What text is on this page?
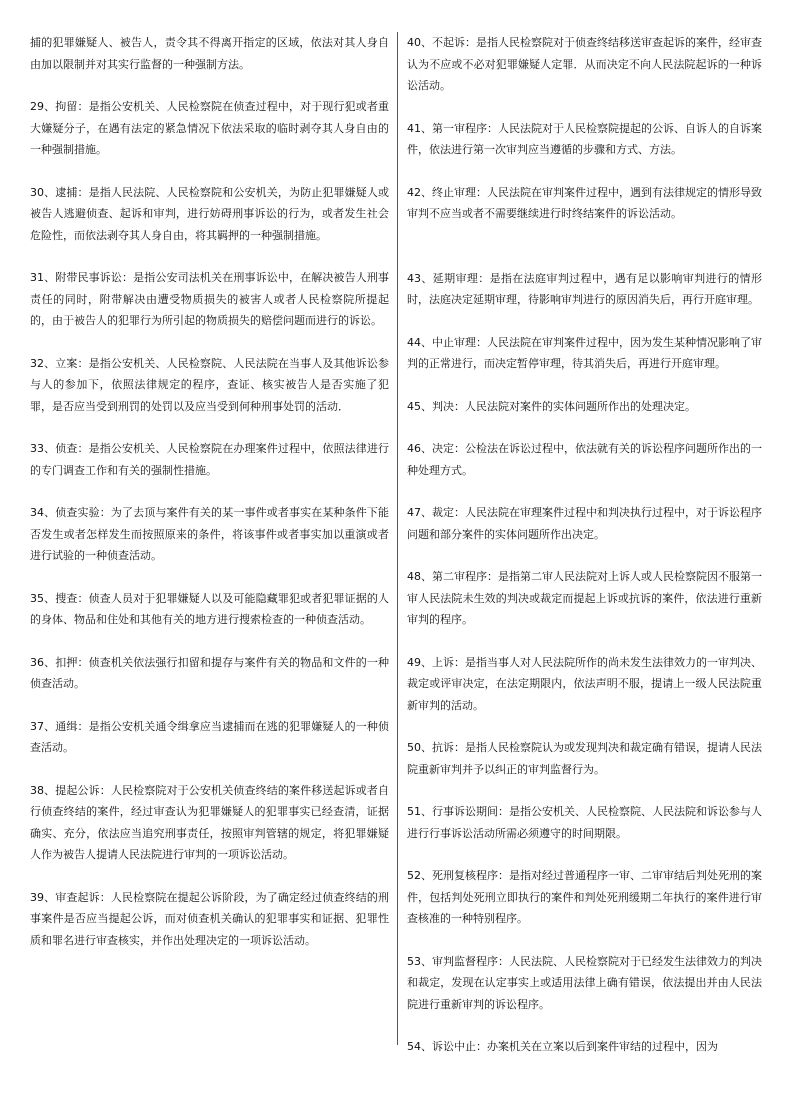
捕的犯罪嫌疑人、被告人，责令其不得离开指定的区域，依法对其人身自由加以限制并对其实行监督的一种强制方法。

29、拘留：是指公安机关、人民检察院在侦查过程中，对于现行犯或者重大嫌疑分子，在遇有法定的紧急情况下依法采取的临时剥夺其人身自由的一种强制措施。

30、逮捕：是指人民法院、人民检察院和公安机关，为防止犯罪嫌疑人或被告人逃避侦查、起诉和审判，进行妨碍刑事诉讼的行为，或者发生社会危险性，而依法剥夺其人身自由，将其羁押的一种强制措施。

31、附带民事诉讼：是指公安司法机关在刑事诉讼中，在解决被告人刑事责任的同时，附带解决由遭受物质损失的被害人或者人民检察院所提起的，由于被告人的犯罪行为所引起的物质损失的赔偿问题而进行的诉讼。

32、立案：是指公安机关、人民检察院、人民法院在当事人及其他诉讼参与人的参加下，依照法律规定的程序，查证、核实被告人是否实施了犯罪，是否应当受到刑罚的处罚以及应当受到何种刑事处罚的活动．

33、侦查：是指公安机关、人民检察院在办理案件过程中，依照法律进行的专门调查工作和有关的强制性措施。

34、侦查实验：为了去顶与案件有关的某一事件或者事实在某种条件下能否发生或者怎样发生而按照原来的条件，将该事件或者事实加以重演或者进行试验的一种侦查活动。

35、搜查：侦查人员对于犯罪嫌疑人以及可能隐藏罪犯或者犯罪证据的人的身体、物品和住处和其他有关的地方进行搜索检查的一种侦查活动。

36、扣押：侦查机关依法强行扣留和提存与案件有关的物品和文件的一种侦查活动。

37、通缉：是指公安机关通令缉拿应当逮捕而在逃的犯罪嫌疑人的一种侦查活动。

38、提起公诉：人民检察院对于公安机关侦查终结的案件移送起诉或者自行侦查终结的案件，经过审查认为犯罪嫌疑人的犯罪事实已经查清，证据确实、充分，依法应当追究刑事责任，按照审判管辖的规定，将犯罪嫌疑人作为被告人提请人民法院进行审判的一项诉讼活动。

39、审查起诉：人民检察院在提起公诉阶段，为了确定经过侦查终结的刑事案件是否应当提起公诉，而对侦查机关确认的犯罪事实和证据、犯罪性质和罪名进行审查核实，并作出处理决定的一项诉讼活动。

40、不起诉：是指人民检察院对于侦查终结移送审查起诉的案件，经审查认为不应或不必对犯罪嫌疑人定罪．从而决定不向人民法院起诉的一种诉讼活动。

41、第一审程序：人民法院对于人民检察院提起的公诉、自诉人的自诉案件，依法进行第一次审判应当遵循的步骤和方式、方法。

42、终止审理：人民法院在审判案件过程中，遇到有法律规定的情形导致审判不应当或者不需要继续进行时终结案件的诉讼活动。

43、延期审理：是指在法庭审判过程中，遇有足以影响审判进行的情形时，法庭决定延期审理，待影响审判进行的原因消失后，再行开庭审理。

44、中止审理：人民法院在审判案件过程中，因为发生某种情况影响了审判的正常进行，而决定暂停审理，待其消失后，再进行开庭审理。

45、判决：人民法院对案件的实体问题所作出的处理决定。

46、决定：公检法在诉讼过程中，依法就有关的诉讼程序问题所作出的一种处理方式。

47、裁定：人民法院在审理案件过程中和判决执行过程中，对于诉讼程序问题和部分案件的实体问题所作出决定。

48、第二审程序：是指第二审人民法院对上诉人或人民检察院因不服第一审人民法院未生效的判决或裁定而提起上诉或抗诉的案件，依法进行重新审判的程序。

49、上诉：是指当事人对人民法院所作的尚未发生法律效力的一审判决、裁定或评审决定，在法定期限内，依法声明不服，提请上一级人民法院重新审判的活动。

50、抗诉：是指人民检察院认为或发现判决和裁定确有错误，提请人民法院重新审判并予以纠正的审判监督行为。

51、行事诉讼期间：是指公安机关、人民检察院、人民法院和诉讼参与人进行行事诉讼活动所需必须遵守的时间期限。

52、死刑复核程序：是指对经过普通程序一审、二审审结后判处死刑的案件，包括判处死刑立即执行的案件和判处死刑缓期二年执行的案件进行审查核准的一种特别程序。

53、审判监督程序：人民法院、人民检察院对于已经发生法律效力的判决和裁定，发现在认定事实上或适用法律上确有错误，依法提出并由人民法院进行重新审判的诉讼程序。

54、诉讼中止：办案机关在立案以后到案件审结的过程中，因为
